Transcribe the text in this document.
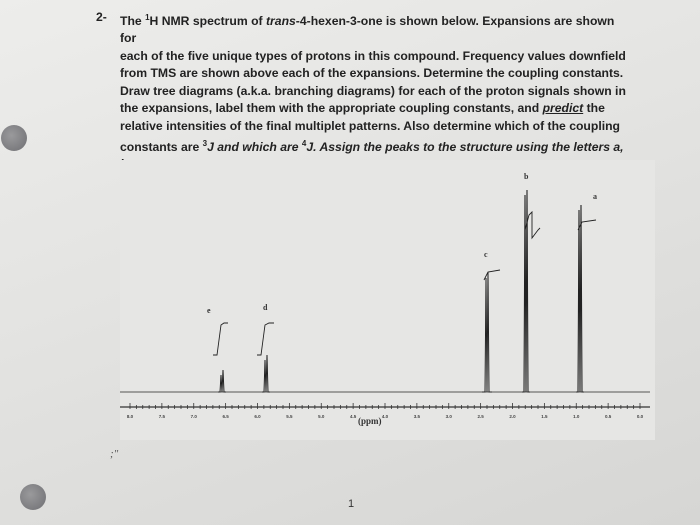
2- The $^1$H NMR spectrum of trans-4-hexen-3-one is shown below. Expansions are shown for
each of the five unique types of protons in this compound. Frequency values downfield
from TMS are shown above each of the expansions. Determine the coupling constants.
Draw tree diagrams (a.k.a. branching diagrams) for each of the proton signals shown in
the expansions, label them with the appropriate coupling constants, and predict the
relative intensities of the final multiplet patterns. Also determine which of the coupling
constants are $^3$J and which are $^4$J. Assign the peaks to the structure using the letters a,
8.0	7.5	7.0	6.5	6.0	5.5	5.0	4.5	4.0	3.5	3.0	2.5	2.0	1.5	1.0	0.5	0.0
e	d
c
b
a
(ppm)
;"
1
